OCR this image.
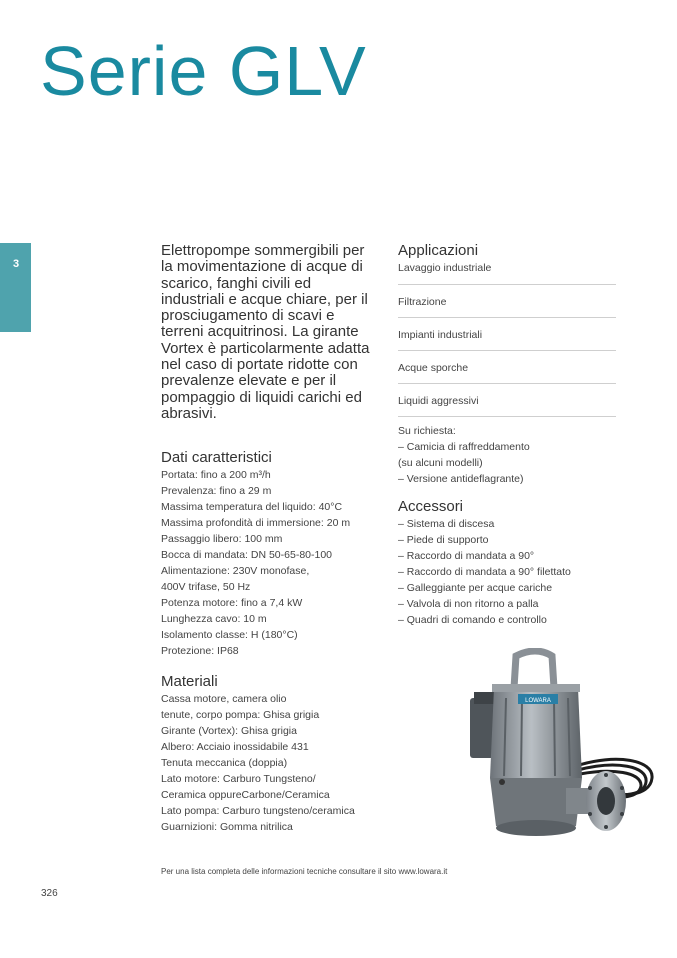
Serie GLV
3

Elettropompe sommergibili per la movimentazione di acque di scarico, fanghi civili ed industriali e acque chiare, per il prosciugamento di scavi e terreni acquitrinosi. La girante Vortex è particolarmente adatta nel caso di portate ridotte con prevalenze elevate e per il pompaggio di liquidi carichi ed abrasivi.

Dati caratteristici
Portata: fino a 200 m³/h
Prevalenza: fino a 29 m
Massima temperatura del liquido: 40°C
Massima profondità di immersione: 20 m
Passaggio libero: 100 mm
Bocca di mandata: DN 50-65-80-100
Alimentazione: 230V monofase,
400V trifase, 50 Hz
Potenza motore: fino a 7,4 kW
Lunghezza cavo: 10 m
Isolamento classe: H (180°C)
Protezione: IP68
Materiali
Cassa motore, camera olio
tenute, corpo pompa: Ghisa grigia
Girante (Vortex): Ghisa grigia
Albero: Acciaio inossidabile 431
Tenuta meccanica (doppia)
Lato motore: Carburo Tungsteno/
Ceramica oppureCarbone/Ceramica
Lato pompa: Carburo tungsteno/ceramica
Guarnizioni: Gomma nitrilica
Applicazioni
Lavaggio industriale
Filtrazione
Impianti industriali
Acque sporche
Liquidi aggressivi
Su richiesta:
– Camicia di raffreddamento
(su alcuni modelli)
– Versione antideflagrante)
Accessori
– Sistema di discesa
– Piede di supporto
– Raccordo di mandata a 90°
– Raccordo di mandata a 90° filettato
– Galleggiante per acque cariche
– Valvola di non ritorno a palla
– Quadri di comando e controllo
LOWARA
Per una lista completa delle informazioni tecniche consultare il sito www.lowara.it
326
